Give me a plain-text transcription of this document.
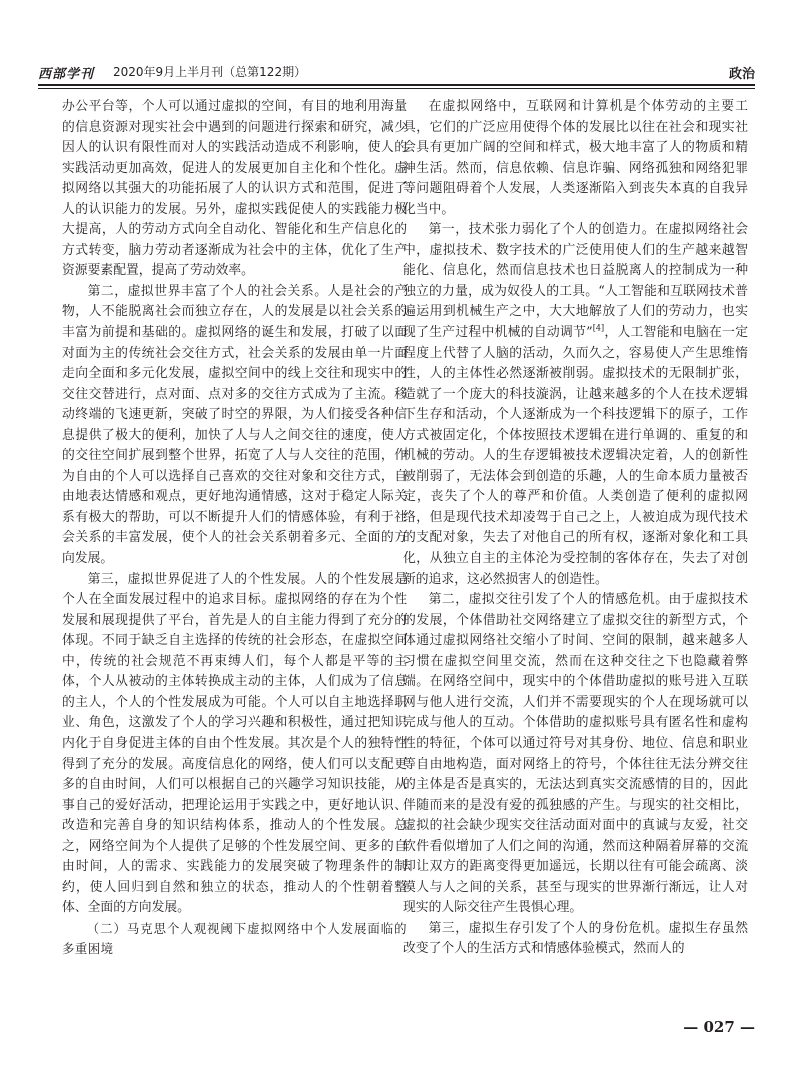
西部学刊 2020年9月上半月刊（总第122期）	政治

办公平台等，个人可以通过虚拟的空间，有目的地利用海量的信息资源对现实社会中遇到的问题进行探索和研究，减少因人的认识有限性而对人的实践活动造成不利影响，使人的实践活动更加高效，促进人的发展更加自主化和个性化。虚拟网络以其强大的功能拓展了人的认识方式和范围，促进了人的认识能力的发展。另外，虚拟实践促使人的实践能力极大提高，人的劳动方式向全自动化、智能化和生产信息化的方式转变，脑力劳动者逐渐成为社会中的主体，优化了生产资源要素配置，提高了劳动效率。

第二，虚拟世界丰富了个人的社会关系。人是社会的产物，人不能脱离社会而独立存在，人的发展是以社会关系的丰富为前提和基础的。虚拟网络的诞生和发展，打破了以面对面为主的传统社会交往方式，社会关系的发展由单一片面走向全面和多元化发展，虚拟空间中的线上交往和现实中的交往交替进行，点对面、点对多的交往方式成为了主流。移动终端的飞速更新，突破了时空的界限，为人们接受各种信息提供了极大的便利，加快了人与人之间交往的速度，使人的交往空间扩展到整个世界，拓宽了人与人交往的范围，作为自由的个人可以选择自己喜欢的交往对象和交往方式，自由地表达情感和观点，更好地沟通情感，这对于稳定人际关系有极大的帮助，可以不断提升人们的情感体验，有利于社会关系的丰富发展，使个人的社会关系朝着多元、全面的方向发展。

第三，虚拟世界促进了人的个性发展。人的个性发展是个人在全面发展过程中的追求目标。虚拟网络的存在为个性发展和展现提供了平台，首先是人的自主能力得到了充分的体现。不同于缺乏自主选择的传统的社会形态，在虚拟空间中，传统的社会规范不再束缚人们，每个人都是平等的主体，个人从被动的主体转换成主动的主体，人们成为了信息的主人，个人的个性发展成为可能。个人可以自主地选择职业、角色，这激发了个人的学习兴趣和积极性，通过把知识内化于自身促进主体的自由个性发展。其次是个人的独特性得到了充分的发展。高度信息化的网络，使人们可以支配更多的自由时间，人们可以根据自己的兴趣学习知识技能，从事自己的爱好活动，把理论运用于实践之中，更好地认识、改造和完善自身的知识结构体系，推动人的个性发展。总之，网络空间为个人提供了足够的个性发展空间、更多的自由时间，人的需求、实践能力的发展突破了物理条件的制约，使人回归到自然和独立的状态，推动人的个性朝着整体、全面的方向发展。

（二）马克思个人观视阈下虚拟网络中个人发展面临的多重困境

在虚拟网络中，互联网和计算机是个体劳动的主要工具，它们的广泛应用使得个体的发展比以往在社会和现实社会具有更加广阔的空间和样式，极大地丰富了人的物质和精神生活。然而，信息依赖、信息诈骗、网络孤独和网络犯罪等问题阻碍着个人发展，人类逐渐陷入到丧失本真的自我异化当中。

第一，技术张力弱化了个人的创造力。在虚拟网络社会中，虚拟技术、数字技术的广泛使用使人们的生产越来越智能化、信息化，然而信息技术也日益脱离人的控制成为一种独立的力量，成为奴役人的工具。“人工智能和互联网技术普遍运用到机械生产之中，大大地解放了人们的劳动力，也实现了生产过程中机械的自动调节”[4]，人工智能和电脑在一定程度上代替了人脑的活动，久而久之，容易使人产生思维惰性，人的主体性必然逐渐被削弱。虚拟技术的无限制扩张，造就了一个庞大的科技漩涡，让越来越多的个人在技术逻辑下生存和活动，个人逐渐成为一个科技逻辑下的原子，工作方式被固定化，个体按照技术逻辑在进行单调的、重复的和机械的劳动。人的生存逻辑被技术逻辑决定着，人的创新性被削弱了，无法体会到创造的乐趣，人的生命本质力量被否定，丧失了个人的尊严和价值。人类创造了便利的虚拟网络，但是现代技术却凌驾于自己之上，人被迫成为现代技术的支配对象，失去了对他自己的所有权，逐渐对象化和工具化，从独立自主的主体沦为受控制的客体存在，失去了对创新的追求，这必然损害人的创造性。

第二，虚拟交往引发了个人的情感危机。由于虚拟技术的发展，个体借助社交网络建立了虚拟交往的新型方式，个体通过虚拟网络社交缩小了时间、空间的限制，越来越多人习惯在虚拟空间里交流，然而在这种交往之下也隐藏着弊端。在网络空间中，现实中的个体借助虚拟的账号进入互联网与他人进行交流，人们并不需要现实的个人在现场就可以完成与他人的互动。个体借助的虚拟账号具有匿名性和虚构性的特征，个体可以通过符号对其身份、地位、信息和职业等自由地构造，面对网络上的符号，个体往往无法分辨交往的主体是否是真实的，无法达到真实交流感情的目的，因此伴随而来的是没有爱的孤独感的产生。与现实的社交相比，虚拟的社会缺少现实交往活动面对面中的真诚与友爱，社交软件看似增加了人们之间的沟通，然而这种隔着屏幕的交流却让双方的距离变得更加遥远，长期以往有可能会疏离、淡漠人与人之间的关系，甚至与现实的世界渐行渐远，让人对现实的人际交往产生畏惧心理。

第三，虚拟生存引发了个人的身份危机。虚拟生存虽然改变了个人的生活方式和情感体验模式，然而人的

— 027 —
